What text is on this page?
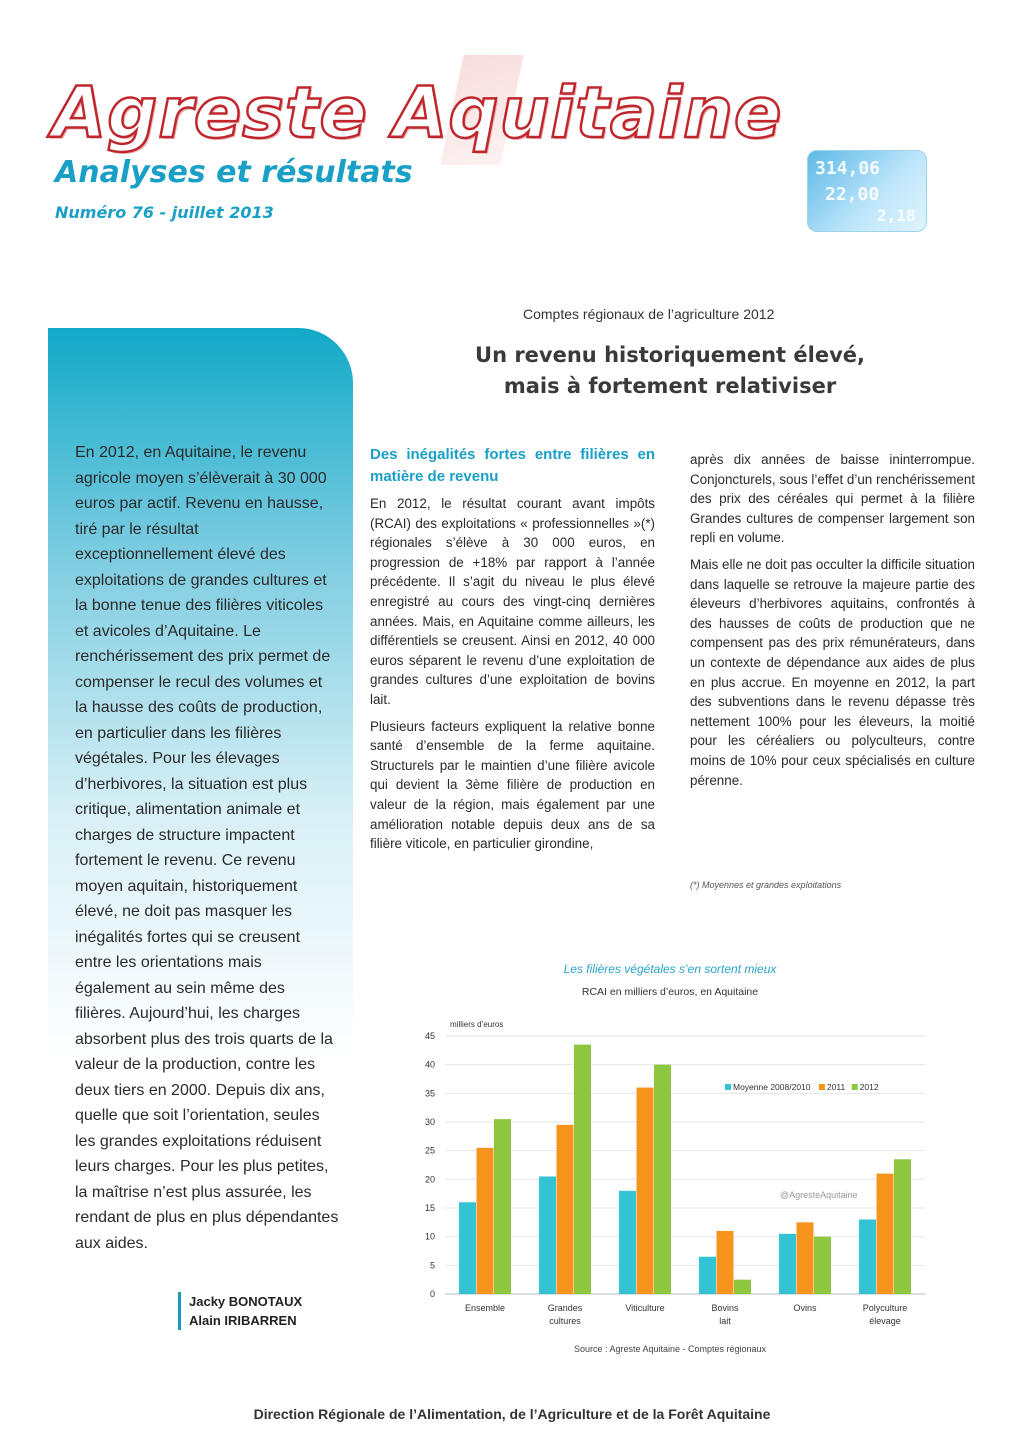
Agreste Aquitaine
Analyses et résultats
Numéro 76 - juillet 2013
314,06
22,00
2,18
Comptes régionaux de l’agriculture 2012
Un revenu historiquement élevé,
mais à fortement relativiser

En 2012, en Aquitaine, le revenu agricole moyen s’élèverait à 30 000 euros par actif. Revenu en hausse, tiré par le résultat exceptionnellement élevé des exploitations de grandes cultures et la bonne tenue des filières viticoles et avicoles d’Aquitaine. Le renchérissement des prix permet de compenser le recul des volumes et la hausse des coûts de production, en particulier dans les filières végétales. Pour les élevages d’herbivores, la situation est plus critique, alimentation animale et charges de structure impactent fortement le revenu. Ce revenu moyen aquitain, historiquement élevé, ne doit pas masquer les inégalités fortes qui se creusent entre les orientations mais également au sein même des filières. Aujourd’hui, les charges absorbent plus des trois quarts de la valeur de la production, contre les deux tiers en 2000. Depuis dix ans, quelle que soit l’orientation, seules les grandes exploitations réduisent leurs charges. Pour les plus petites, la maîtrise n’est plus assurée, les rendant de plus en plus dépendantes aux aides.

Jacky BONOTAUX
Alain IRIBARREN
Des inégalités fortes entre filières en matière de revenu

En 2012, le résultat courant avant impôts (RCAI) des exploitations « professionnelles »(*) régionales s’élève à 30 000 euros, en progression de +18% par rapport à l’année précédente. Il s’agit du niveau le plus élevé enregistré au cours des vingt-cinq dernières années. Mais, en Aquitaine comme ailleurs, les différentiels se creusent. Ainsi en 2012, 40 000 euros séparent le revenu d’une exploitation de grandes cultures d’une exploitation de bovins lait.

Plusieurs facteurs expliquent la relative bonne santé d’ensemble de la ferme aquitaine. Structurels par le maintien d’une filière avicole qui devient la 3ème filière de production en valeur de la région, mais également par une amélioration notable depuis deux ans de sa filière viticole, en particulier girondine,

après dix années de baisse ininterrompue. Conjoncturels, sous l’effet d’un renchérissement des prix des céréales qui permet à la filière Grandes cultures de compenser largement son repli en volume.

Mais elle ne doit pas occulter la difficile situation dans laquelle se retrouve la majeure partie des éleveurs d’herbivores aquitains, confrontés à des hausses de coûts de production que ne compensent pas des prix rémunérateurs, dans un contexte de dépendance aux aides de plus en plus accrue. En moyenne en 2012, la part des subventions dans le revenu dépasse très nettement 100% pour les éleveurs, la moitié pour les céréaliers ou polyculteurs, contre moins de 10% pour ceux spécialisés en culture pérenne.

(*) Moyennes et grandes exploitations
Les filières végétales s’en sortent mieux
RCAI en milliers d’euros, en Aquitaine
milliers d’euros
0
5
10
15
20
25
30
35
40
45
@AgresteAquitaine
Ensemble	Grandes
cultures
Viticulture	Bovins
lait
Ovins	Polyculture
élevage
Moyenne 2008/2010 2011 2012
Source : Agreste Aquitaine - Comptes régionaux
Direction Régionale de l’Alimentation, de l’Agriculture et de la Forêt Aquitaine
